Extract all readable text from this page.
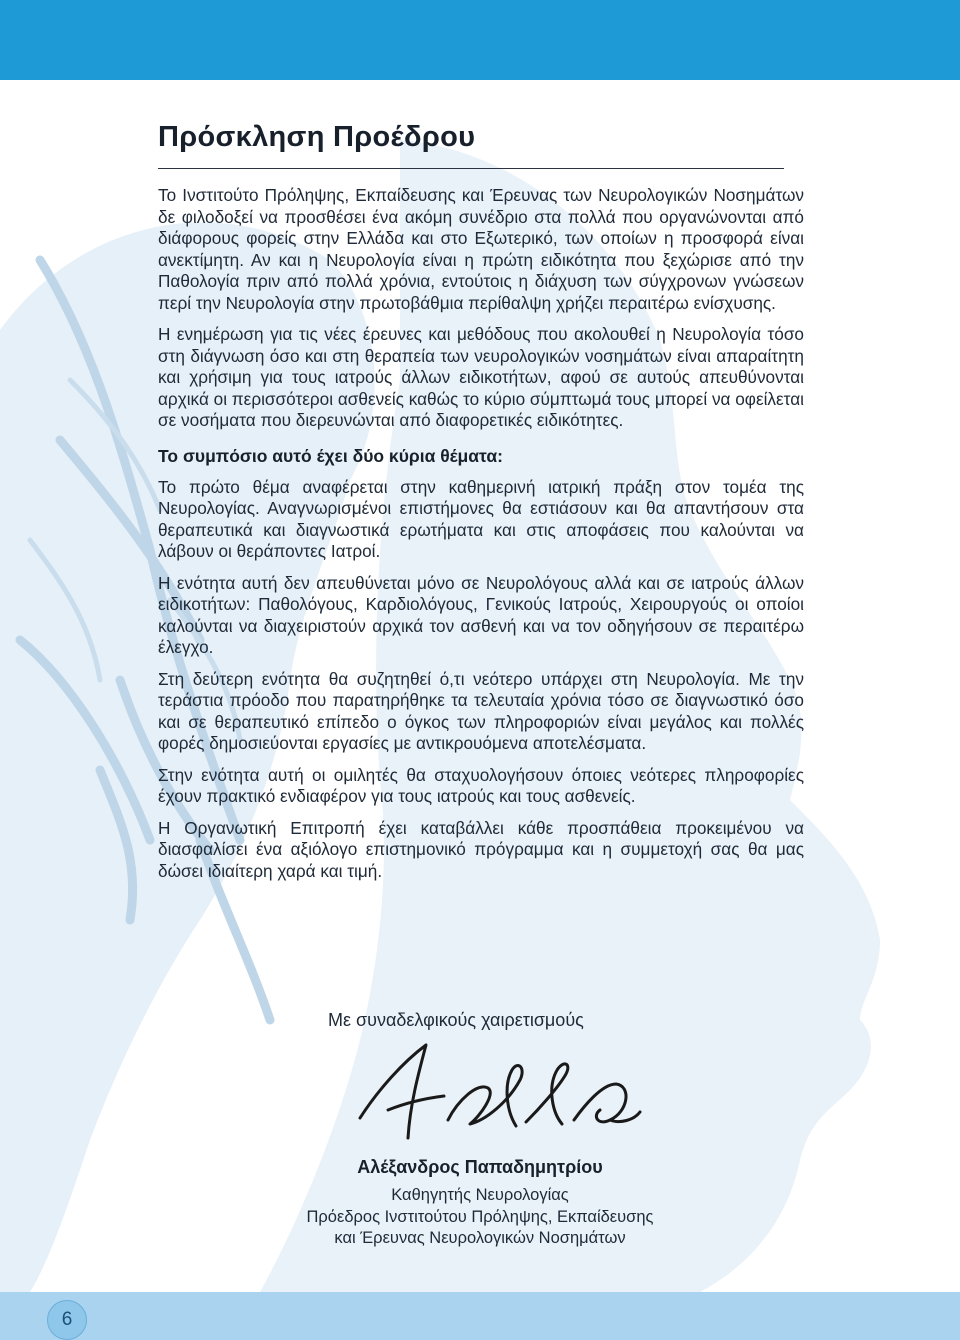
6
Πρόσκληση Προέδρου

Το Ινστιτούτο Πρόληψης, Εκπαίδευσης και Έρευνας των Νευρολογικών Νοσημάτων δε φιλοδοξεί να προσθέσει ένα ακόμη συνέδριο στα πολλά που οργανώνονται από διάφορους φορείς στην Ελλάδα και στο Εξωτερικό, των οποίων η προσφορά είναι ανεκτίμητη. Αν και η Νευρολογία είναι η πρώτη ειδικότητα που ξεχώρισε από την Παθολογία πριν από πολλά χρόνια, εντούτοις η διάχυση των σύγχρονων γνώσεων περί την Νευρολογία στην πρωτοβάθμια περίθαλψη χρήζει περαιτέρω ενίσχυσης.

Η ενημέρωση για τις νέες έρευνες και μεθόδους που ακολουθεί η Νευρολογία τόσο στη διάγνωση όσο και στη θεραπεία των νευρολογικών νοσημάτων είναι απαραίτητη και χρήσιμη για τους ιατρούς άλλων ειδικοτήτων, αφού σε αυτούς απευθύνονται αρχικά οι περισσότεροι ασθενείς καθώς το κύριο σύμπτωμά τους μπορεί να οφείλεται σε νοσήματα που διερευνώνται από διαφορετικές ειδικότητες.

Το συμπόσιο αυτό έχει δύο κύρια θέματα:

Το πρώτο θέμα αναφέρεται στην καθημερινή ιατρική πράξη στον τομέα της Νευρολογίας. Αναγνωρισμένοι επιστήμονες θα εστιάσουν και θα απαντήσουν στα θεραπευτικά και διαγνωστικά ερωτήματα και στις αποφάσεις που καλούνται να λάβουν οι θεράποντες Ιατροί.

Η ενότητα αυτή δεν απευθύνεται μόνο σε Νευρολόγους αλλά και σε ιατρούς άλλων ειδικοτήτων: Παθολόγους, Καρδιολόγους, Γενικούς Ιατρούς, Χειρουργούς οι οποίοι καλούνται να διαχειριστούν αρχικά τον ασθενή και να τον οδηγήσουν σε περαιτέρω έλεγχο.

Στη δεύτερη ενότητα θα συζητηθεί ό,τι νεότερο υπάρχει στη Νευρολογία. Με την τεράστια πρόοδο που παρατηρήθηκε τα τελευταία χρόνια τόσο σε διαγνωστικό όσο και σε θεραπευτικό επίπεδο ο όγκος των πληροφοριών είναι μεγάλος και πολλές φορές δημοσιεύονται εργασίες με αντικρουόμενα αποτελέσματα.

Στην ενότητα αυτή οι ομιλητές θα σταχυολογήσουν όποιες νεότερες πληροφορίες έχουν πρακτικό ενδιαφέρον για τους ιατρούς και τους ασθενείς.

Η Οργανωτική Επιτροπή έχει καταβάλλει κάθε προσπάθεια προκειμένου να διασφαλίσει ένα αξιόλογο επιστημονικό πρόγραμμα και η συμμετοχή σας θα μας δώσει ιδιαίτερη χαρά και τιμή.

Με συναδελφικούς χαιρετισμούς
Αλέξανδρος Παπαδημητρίου
Καθηγητής Νευρολογίας
Πρόεδρος Ινστιτούτου Πρόληψης, Εκπαίδευσης
και Έρευνας Νευρολογικών Νοσημάτων
